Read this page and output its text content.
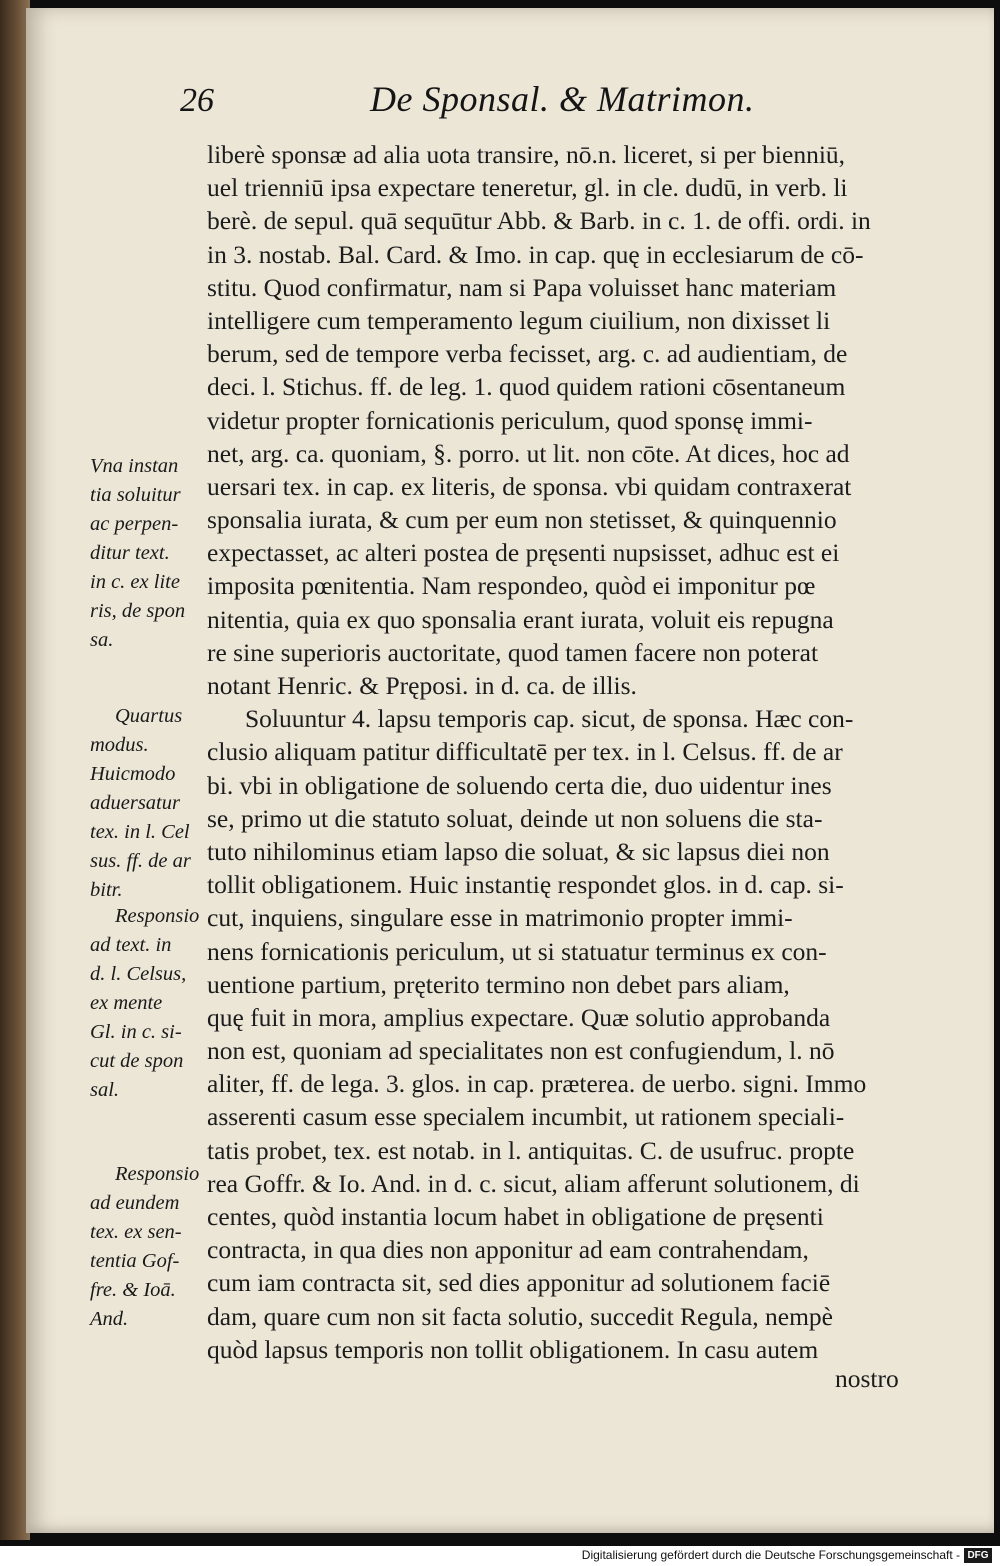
26	De Sponsal. & Matrimon.
liberè sponsæ ad alia uota transire, nō.n. liceret, si per bienniū,
uel trienniū ipsa expectare teneretur, gl. in cle. dudū, in verb. li
berè. de sepul. quā sequūtur Abb. & Barb. in c. 1. de offi. ordi. in
in 3. nostab. Bal. Card. & Imo. in cap. quę in ecclesiarum de cō-
stitu. Quod confirmatur, nam si Papa voluisset hanc materiam
intelligere cum temperamento legum ciuilium, non dixisset li
berum, sed de tempore verba fecisset, arg. c. ad audientiam, de
deci. l. Stichus. ff. de leg. 1. quod quidem rationi cōsentaneum
videtur propter fornicationis periculum, quod sponsę immi-
net, arg. ca. quoniam, §. porro. ut lit. non cōte. At dices, hoc ad
uersari tex. in cap. ex literis, de sponsa. vbi quidam contraxerat
sponsalia iurata, & cum per eum non stetisset, & quinquennio
expectasset, ac alteri postea de pręsenti nupsisset, adhuc est ei
imposita pœnitentia. Nam respondeo, quòd ei imponitur pœ
nitentia, quia ex quo sponsalia erant iurata, voluit eis repugna
re sine superioris auctoritate, quod tamen facere non poterat
notant Henric. & Pręposi. in d. ca. de illis.
Soluuntur 4. lapsu temporis cap. sicut, de sponsa. Hæc con-
clusio aliquam patitur difficultatē per tex. in l. Celsus. ff. de ar
bi. vbi in obligatione de soluendo certa die, duo uidentur ines
se, primo ut die statuto soluat, deinde ut non soluens die sta-
tuto nihilominus etiam lapso die soluat, & sic lapsus diei non
tollit obligationem. Huic instantię respondet glos. in d. cap. si-
cut, inquiens, singulare esse in matrimonio propter immi-
nens fornicationis periculum, ut si statuatur terminus ex con-
uentione partium, pręterito termino non debet pars aliam,
quę fuit in mora, amplius expectare. Quæ solutio approbanda
non est, quoniam ad specialitates non est confugiendum, l. nō
aliter, ff. de lega. 3. glos. in cap. præterea. de uerbo. signi. Immo
asserenti casum esse specialem incumbit, ut rationem speciali-
tatis probet, tex. est notab. in l. antiquitas. C. de usufruc. propte
rea Goffr. & Io. And. in d. c. sicut, aliam afferunt solutionem, di
centes, quòd instantia locum habet in obligatione de pręsenti
contracta, in qua dies non apponitur ad eam contrahendam,
cum iam contracta sit, sed dies apponitur ad solutionem faciē
dam, quare cum non sit facta solutio, succedit Regula, nempè
quòd lapsus temporis non tollit obligationem. In casu autem
nostro
Vna instan
tia soluitur
ac perpen-
ditur text.
in c. ex lite
ris, de spon
sa.
Quartus
modus.
Huicmodo
aduersatur
tex. in l. Cel
sus. ff. de ar
bitr.
Responsio
ad text. in
d. l. Celsus,
ex mente
Gl. in c. si-
cut de spon
sal.
Responsio
ad eundem
tex. ex sen-
tentia Gof-
fre. & Ioā.
And.
Digitalisierung gefördert durch die Deutsche Forschungsgemeinschaft - DFG
